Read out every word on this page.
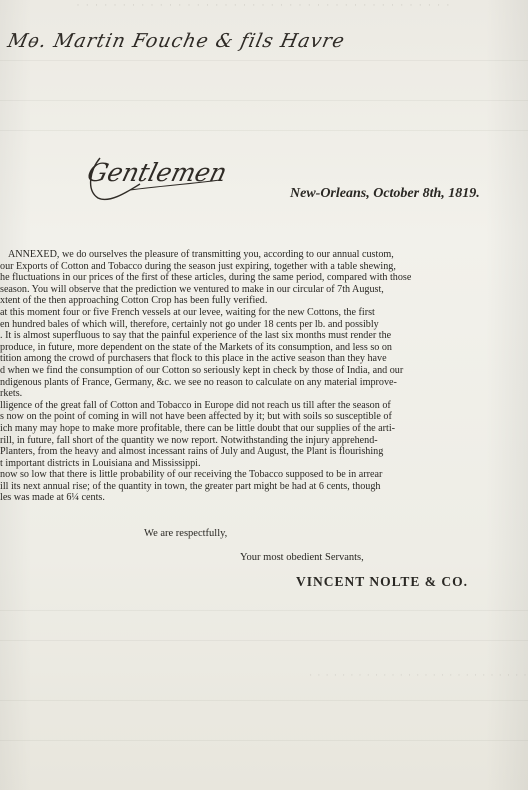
· · · · · · · · · · · · · · · · · · · · · · · · · · · · · · · · · · · · · · · · ·
Mѳ. Martin Fouche & fils Havre
Gentlemen
New-Orleans, October 8th, 1819.
ANNEXED, we do ourselves the pleasure of transmitting you, according to our annual custom,
our Exports of Cotton and Tobacco during the season just expiring, together with a table shewing,
he fluctuations in our prices of the first of these articles, during the same period, compared with those
season. You will observe that the prediction we ventured to make in our circular of 7th August,
xtent of the then approaching Cotton Crop has been fully verified.
at this moment four or five French vessels at our levee, waiting for the new Cottons, the first
en hundred bales of which will, therefore, certainly not go under 18 cents per lb. and possibly
. It is almost superfluous to say that the painful experience of the last six months must render the
produce, in future, more dependent on the state of the Markets of its consumption, and less so on
tition among the crowd of purchasers that flock to this place in the active season than they have
d when we find the consumption of our Cotton so seriously kept in check by those of India, and our
ndigenous plants of France, Germany, &c. we see no reason to calculate on any material improve-
rkets.
lligence of the great fall of Cotton and Tobacco in Europe did not reach us till after the season of
s now on the point of coming in will not have been affected by it; but with soils so susceptible of
ich many may hope to make more profitable, there can be little doubt that our supplies of the arti-
rill, in future, fall short of the quantity we now report. Notwithstanding the injury apprehend-
Planters, from the heavy and almost incessant rains of July and August, the Plant is flourishing
t important districts in Louisiana and Mississippi.
now so low that there is little probability of our receiving the Tobacco supposed to be in arrear
ill its next annual rise; of the quantity in town, the greater part might be had at 6 cents, though
les was made at 6¼ cents.
We are respectfully,
Your most obedient Servants,
VINCENT NOLTE & CO.
· · · · · · · · · · · · · · · · · · · · · · · · · · ·
